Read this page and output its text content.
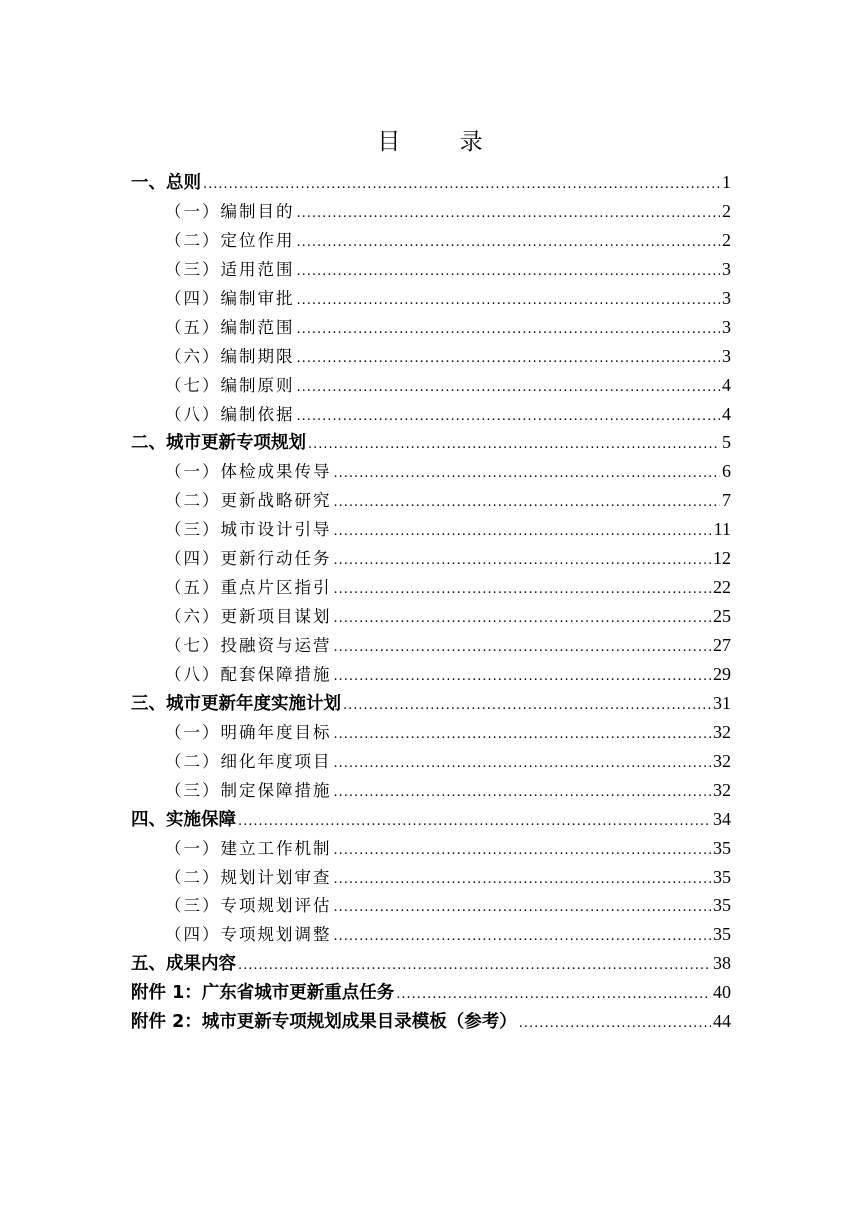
目 录
一、总则 .....	1
（一）编制目的 .....	2
（二）定位作用 .....	2
（三）适用范围 .....	3
（四）编制审批 .....	3
（五）编制范围 .....	3
（六）编制期限 .....	3
（七）编制原则 .....	4
（八）编制依据 .....	4
二、城市更新专项规划 .....	5
（一）体检成果传导 .....	6
（二）更新战略研究 .....	7
（三）城市设计引导 .....	11
（四）更新行动任务 .....	12
（五）重点片区指引 .....	22
（六）更新项目谋划 .....	25
（七）投融资与运营 .....	27
（八）配套保障措施 .....	29
三、城市更新年度实施计划 .....	31
（一）明确年度目标 .....	32
（二）细化年度项目 .....	32
（三）制定保障措施 .....	32
四、实施保障 .....	34
（一）建立工作机制 .....	35
（二）规划计划审查 .....	35
（三）专项规划评估 .....	35
（四）专项规划调整 .....	35
五、成果内容 .....	38
附件 1：广东省城市更新重点任务 .....	40
附件 2：城市更新专项规划成果目录模板（参考） .....	44
